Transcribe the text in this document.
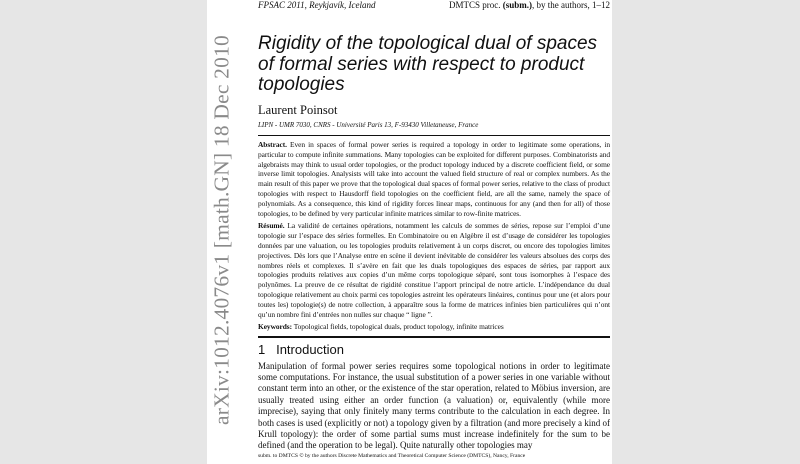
FPSAC 2011, Reykjavík, Iceland	DMTCS proc. (subm.), by the authors, 1–12
Rigidity of the topological dual of spaces of formal series with respect to product topologies
Laurent Poinsot
LIPN - UMR 7030, CNRS - Université Paris 13, F-93430 Villetaneuse, France
Abstract. Even in spaces of formal power series is required a topology in order to legitimate some operations, in particular to compute infinite summations. Many topologies can be exploited for different purposes. Combinatorists and algebraists may think to usual order topologies, or the product topology induced by a discrete coefficient field, or some inverse limit topologies. Analysists will take into account the valued field structure of real or complex numbers. As the main result of this paper we prove that the topological dual spaces of formal power series, relative to the class of product topologies with respect to Hausdorff field topologies on the coefficient field, are all the same, namely the space of polynomials. As a consequence, this kind of rigidity forces linear maps, continuous for any (and then for all) of those topologies, to be defined by very particular infinite matrices similar to row-finite matrices.
Résumé. La validité de certaines opérations, notamment les calculs de sommes de séries, repose sur l’emploi d’une topologie sur l’espace des séries formelles. En Combinatoire ou en Algèbre il est d’usage de considérer les topologies données par une valuation, ou les topologies produits relativement à un corps discret, ou encore des topologies limites projectives. Dès lors que l’Analyse entre en scène il devient inévitable de considérer les valeurs absolues des corps des nombres réels et complexes. Il s’avère en fait que les duals topologiques des espaces de séries, par rapport aux topologies produits relatives aux copies d’un même corps topologique séparé, sont tous isomorphes à l’espace des polynômes. La preuve de ce résultat de rigidité constitue l’apport principal de notre article. L’indépendance du dual topologique relativement au choix parmi ces topologies astreint les opérateurs linéaires, continus pour une (et alors pour toutes les) topologie(s) de notre collection, à apparaître sous la forme de matrices infinies bien particulières qui n’ont qu’un nombre fini d’entrées non nulles sur chaque “ ligne ”.
Keywords: Topological fields, topological duals, product topology, infinite matrices
1 Introduction
Manipulation of formal power series requires some topological notions in order to legitimate some computations. For instance, the usual substitution of a power series in one variable without constant term into an other, or the existence of the star operation, related to Möbius inversion, are usually treated using either an order function (a valuation) or, equivalently (while more imprecise), saying that only finitely many terms contribute to the calculation in each degree. In both cases is used (explicitly or not) a topology given by a filtration (and more precisely a kind of Krull topology): the order of some partial sums must increase indefinitely for the sum to be defined (and the operation to be legal). Quite naturally other topologies may
subm. to DMTCS © by the authors Discrete Mathematics and Theoretical Computer Science (DMTCS), Nancy, France
arXiv:1012.4076v1 [math.GN] 18 Dec 2010
